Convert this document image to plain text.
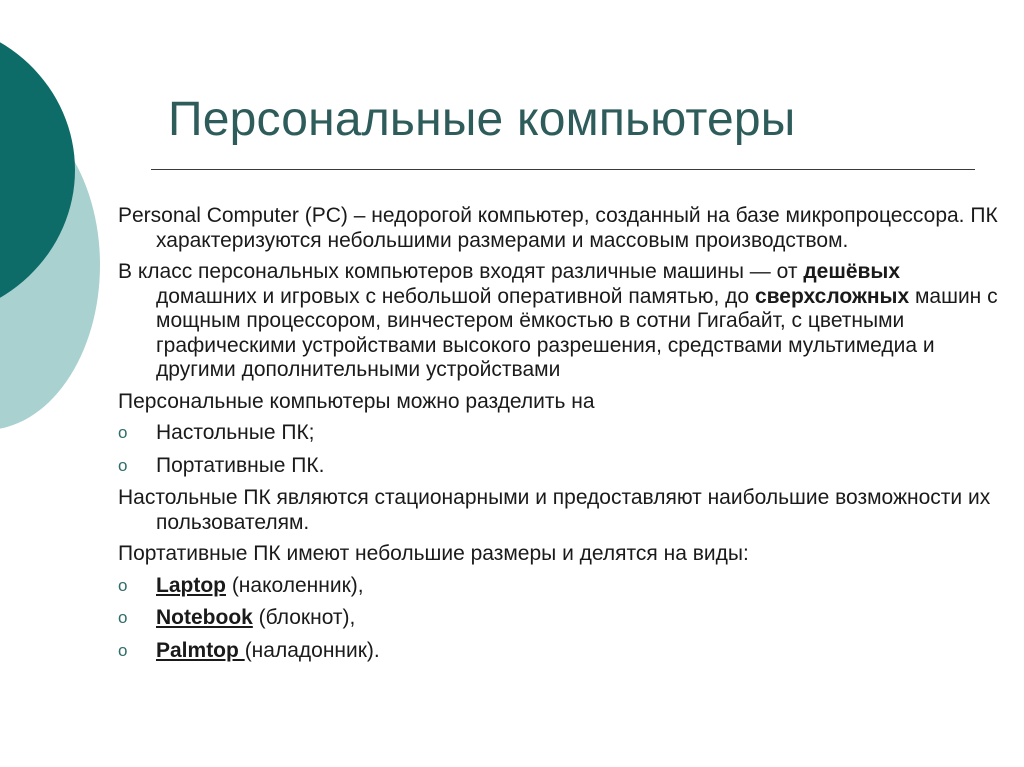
Персональные компьютеры
Personal Computer (PC) – недорогой компьютер, созданный на базе микропроцессора. ПК характеризуются небольшими размерами и массовым производством.
В класс персональных компьютеров входят различные машины — от дешёвых домашних и игровых с небольшой оперативной памятью, до сверхсложных машин с мощным процессором, винчестером ёмкостью в сотни Гигабайт, с цветными графическими устройствами высокого разрешения, средствами мультимедиа и другими дополнительными устройствами
Персональные компьютеры можно разделить на
o Настольные ПК;
o Портативные ПК.
Настольные ПК являются стационарными и предоставляют наибольшие возможности их пользователям.
Портативные ПК имеют небольшие размеры и делятся на виды:
o Laptop (наколенник),
o Notebook (блокнот),
o Palmtop (наладонник).
